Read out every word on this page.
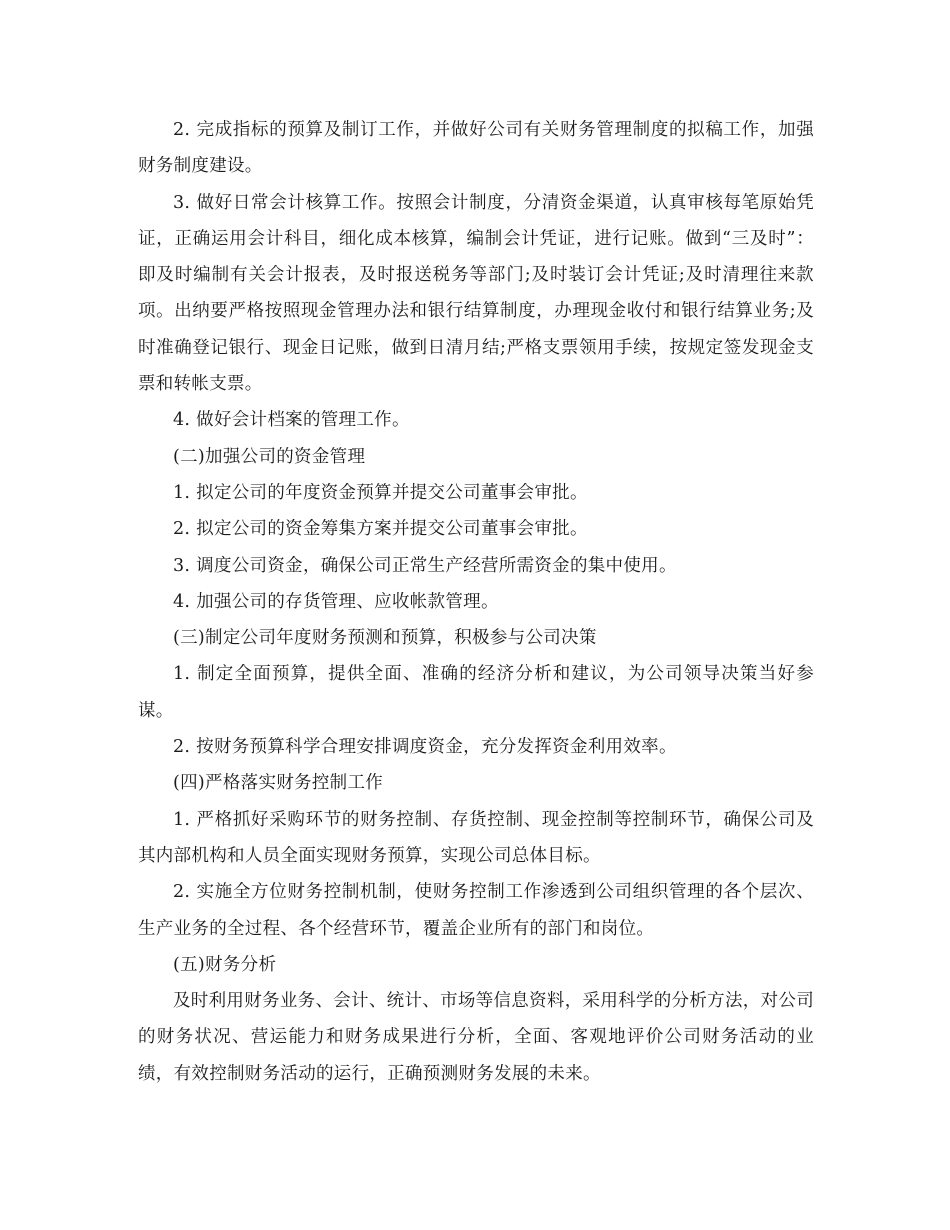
2. 完成指标的预算及制订工作，并做好公司有关财务管理制度的拟稿工作，加强财务制度建设。

3. 做好日常会计核算工作。按照会计制度，分清资金渠道，认真审核每笔原始凭证，正确运用会计科目，细化成本核算，编制会计凭证，进行记账。做到“三及时”：即及时编制有关会计报表，及时报送税务等部门;及时装订会计凭证;及时清理往来款项。出纳要严格按照现金管理办法和银行结算制度，办理现金收付和银行结算业务;及时准确登记银行、现金日记账，做到日清月结;严格支票领用手续，按规定签发现金支票和转帐支票。

4. 做好会计档案的管理工作。

(二)加强公司的资金管理

1. 拟定公司的年度资金预算并提交公司董事会审批。

2. 拟定公司的资金筹集方案并提交公司董事会审批。

3. 调度公司资金，确保公司正常生产经营所需资金的集中使用。

4. 加强公司的存货管理、应收帐款管理。

(三)制定公司年度财务预测和预算，积极参与公司决策

1. 制定全面预算，提供全面、准确的经济分析和建议，为公司领导决策当好参谋。

2. 按财务预算科学合理安排调度资金，充分发挥资金利用效率。

(四)严格落实财务控制工作

1. 严格抓好采购环节的财务控制、存货控制、现金控制等控制环节，确保公司及其内部机构和人员全面实现财务预算，实现公司总体目标。

2. 实施全方位财务控制机制，使财务控制工作渗透到公司组织管理的各个层次、生产业务的全过程、各个经营环节，覆盖企业所有的部门和岗位。

(五)财务分析

及时利用财务业务、会计、统计、市场等信息资料，采用科学的分析方法，对公司的财务状况、营运能力和财务成果进行分析，全面、客观地评价公司财务活动的业绩，有效控制财务活动的运行，正确预测财务发展的未来。
